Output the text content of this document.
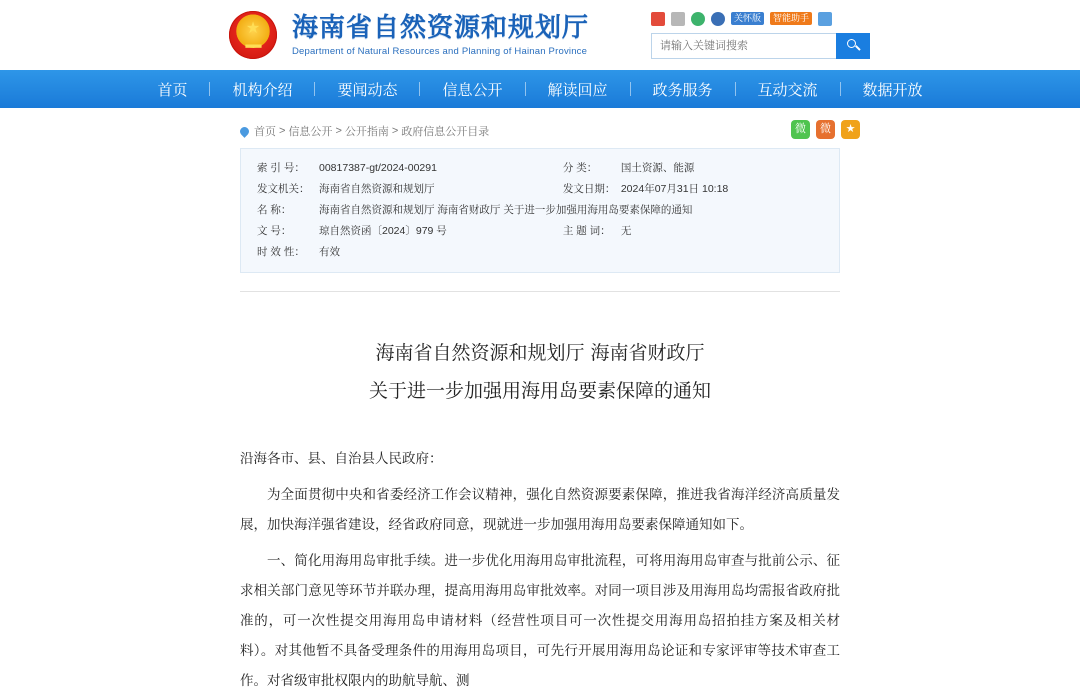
★
▂▂ 海南省自然资源和规划厅
Department of Natural Resources and Planning of Hainan Province
关怀版	智能助手
请输入关键词搜索
首页	机构介绍	要闻动态	信息公开	解读回应	政务服务	互动交流	数据开放
首页 > 信息公开 > 公开指南 > 政府信息公开目录	微	微	★
索 引 号：	00817387-gt/2024-00291	分 类：	国土资源、能源
发文机关：	海南省自然资源和规划厅	发文日期：	2024年07月31日 10:18
名 称：	海南省自然资源和规划厅 海南省财政厅 关于进一步加强用海用岛要素保障的通知		
文 号：	琼自然资函〔2024〕979 号	主 题 词：	无
时 效 性：	有效		
海南省自然资源和规划厅 海南省财政厅
关于进一步加强用海用岛要素保障的通知

沿海各市、县、自治县人民政府：

为全面贯彻中央和省委经济工作会议精神，强化自然资源要素保障，推进我省海洋经济高质量发展，加快海洋强省建设，经省政府同意，现就进一步加强用海用岛要素保障通知如下。

一、简化用海用岛审批手续。进一步优化用海用岛审批流程，可将用海用岛审查与批前公示、征求相关部门意见等环节并联办理，提高用海用岛审批效率。对同一项目涉及用海用岛均需报省政府批准的，可一次性提交用海用岛申请材料（经营性项目可一次性提交用海用岛招拍挂方案及相关材料）。对其他暂不具备受理条件的用海用岛项目，可先行开展用海用岛论证和专家评审等技术审查工作。对省级审批权限内的助航导航、测
